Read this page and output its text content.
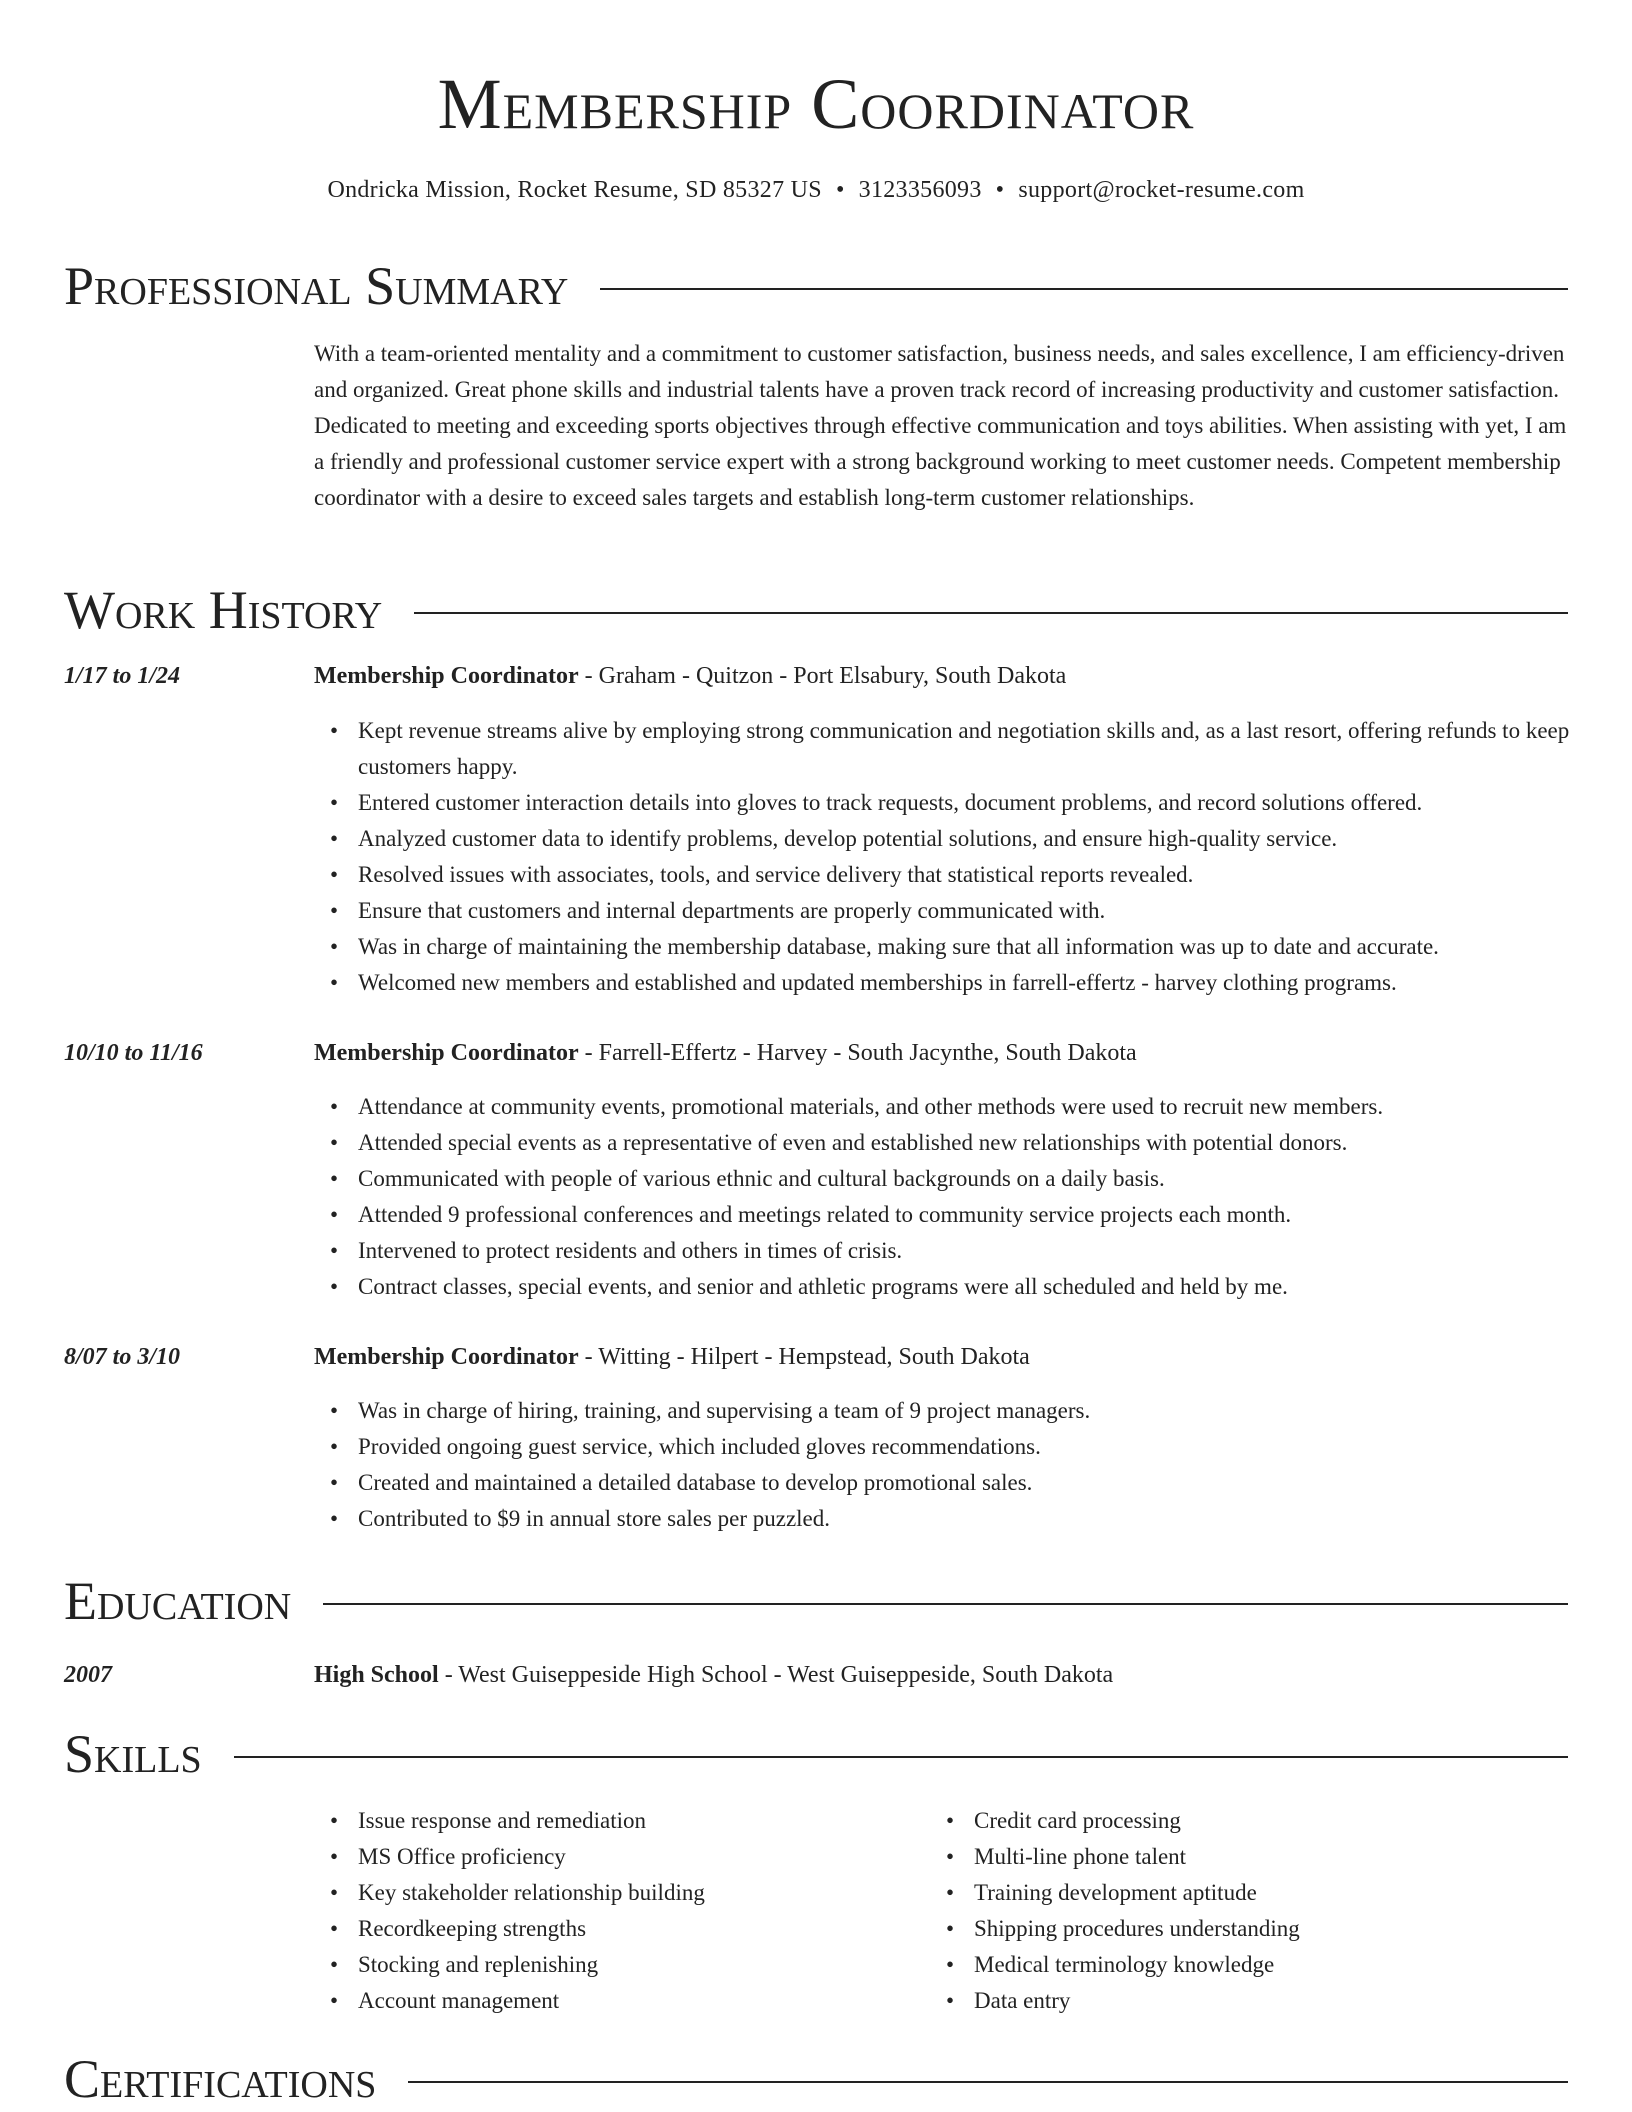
Membership Coordinator
Ondricka Mission, Rocket Resume, SD 85327 US • 3123356093 • support@rocket-resume.com
Professional Summary
With a team-oriented mentality and a commitment to customer satisfaction, business needs, and sales excellence, I am efficiency-driven and organized. Great phone skills and industrial talents have a proven track record of increasing productivity and customer satisfaction. Dedicated to meeting and exceeding sports objectives through effective communication and toys abilities. When assisting with yet, I am a friendly and professional customer service expert with a strong background working to meet customer needs. Competent membership coordinator with a desire to exceed sales targets and establish long-term customer relationships.
Work History
1/17 to 1/24	Membership Coordinator - Graham - Quitzon - Port Elsabury, South Dakota
• Kept revenue streams alive by employing strong communication and negotiation skills and, as a last resort, offering refunds to keep customers happy.
• Entered customer interaction details into gloves to track requests, document problems, and record solutions offered.
• Analyzed customer data to identify problems, develop potential solutions, and ensure high-quality service.
• Resolved issues with associates, tools, and service delivery that statistical reports revealed.
• Ensure that customers and internal departments are properly communicated with.
• Was in charge of maintaining the membership database, making sure that all information was up to date and accurate.
• Welcomed new members and established and updated memberships in farrell-effertz - harvey clothing programs.
10/10 to 11/16	Membership Coordinator - Farrell-Effertz - Harvey - South Jacynthe, South Dakota
• Attendance at community events, promotional materials, and other methods were used to recruit new members.
• Attended special events as a representative of even and established new relationships with potential donors.
• Communicated with people of various ethnic and cultural backgrounds on a daily basis.
• Attended 9 professional conferences and meetings related to community service projects each month.
• Intervened to protect residents and others in times of crisis.
• Contract classes, special events, and senior and athletic programs were all scheduled and held by me.
8/07 to 3/10	Membership Coordinator - Witting - Hilpert - Hempstead, South Dakota
• Was in charge of hiring, training, and supervising a team of 9 project managers.
• Provided ongoing guest service, which included gloves recommendations.
• Created and maintained a detailed database to develop promotional sales.
• Contributed to $9 in annual store sales per puzzled.
Education
2007	High School - West Guiseppeside High School - West Guiseppeside, South Dakota
Skills
• Issue response and remediation
• MS Office proficiency
• Key stakeholder relationship building
• Recordkeeping strengths
• Stocking and replenishing
• Account management
• Credit card processing
• Multi-line phone talent
• Training development aptitude
• Shipping procedures understanding
• Medical terminology knowledge
• Data entry
Certifications
